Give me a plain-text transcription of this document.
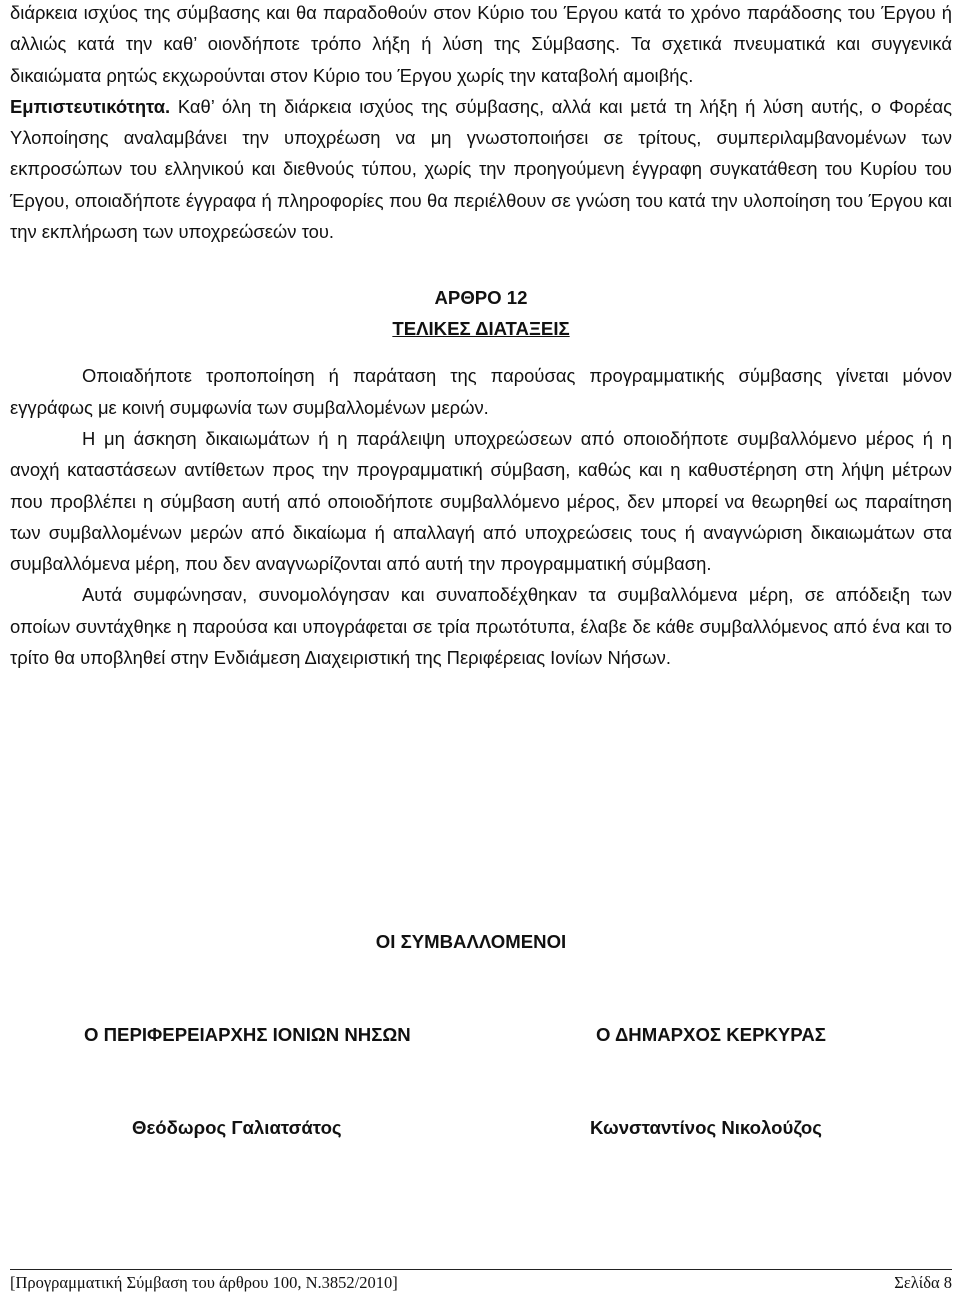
διάρκεια ισχύος της σύμβασης και θα παραδοθούν στον Κύριο του Έργου κατά το χρόνο παράδοσης του Έργου ή αλλιώς κατά την καθ’ οιονδήποτε τρόπο λήξη ή λύση της Σύμβασης. Τα σχετικά πνευματικά και συγγενικά δικαιώματα ρητώς εκχωρούνται στον Κύριο του Έργου χωρίς την καταβολή αμοιβής.

Εμπιστευτικότητα. Καθ’ όλη τη διάρκεια ισχύος της σύμβασης, αλλά και μετά τη λήξη ή λύση αυτής, ο Φορέας Υλοποίησης αναλαμβάνει την υποχρέωση να μη γνωστοποιήσει σε τρίτους, συμπεριλαμβανομένων των εκπροσώπων του ελληνικού και διεθνούς τύπου, χωρίς την προηγούμενη έγγραφη συγκατάθεση του Κυρίου του Έργου, οποιαδήποτε έγγραφα ή πληροφορίες που θα περιέλθουν σε γνώση του κατά την υλοποίηση του Έργου και την εκπλήρωση των υποχρεώσεών του.

ΑΡΘΡΟ 12

ΤΕΛΙΚΕΣ ΔΙΑΤΑΞΕΙΣ

Οποιαδήποτε τροποποίηση ή παράταση της παρούσας προγραμματικής σύμβασης γίνεται μόνον εγγράφως με κοινή συμφωνία των συμβαλλομένων μερών.

Η μη άσκηση δικαιωμάτων ή η παράλειψη υποχρεώσεων από οποιοδήποτε συμβαλλόμενο μέρος ή η ανοχή καταστάσεων αντίθετων προς την προγραμματική σύμβαση, καθώς και η καθυστέρηση στη λήψη μέτρων που προβλέπει η σύμβαση αυτή από οποιοδήποτε συμβαλλόμενο μέρος, δεν μπορεί να θεωρηθεί ως παραίτηση των συμβαλλομένων μερών από δικαίωμα ή απαλλαγή από υποχρεώσεις τους ή αναγνώριση δικαιωμάτων στα συμβαλλόμενα μέρη, που δεν αναγνωρίζονται από αυτή την προγραμματική σύμβαση.

Αυτά συμφώνησαν, συνομολόγησαν και συναποδέχθηκαν τα συμβαλλόμενα μέρη, σε απόδειξη των οποίων συντάχθηκε η παρούσα και υπογράφεται σε τρία πρωτότυπα, έλαβε δε κάθε συμβαλλόμενος από ένα και το τρίτο θα υποβληθεί στην Ενδιάμεση Διαχειριστική της Περιφέρειας Ιονίων Νήσων.

ΟΙ ΣΥΜΒΑΛΛΟΜΕΝΟΙ
Ο ΠΕΡΙΦΕΡΕΙΑΡΧΗΣ ΙΟΝΙΩΝ ΝΗΣΩΝ	Ο ΔΗΜΑΡΧΟΣ ΚΕΡΚΥΡΑΣ
Θεόδωρος Γαλιατσάτος	Κωνσταντίνος Νικολούζος
[Προγραμματική Σύμβαση του άρθρου 100, Ν.3852/2010]	Σελίδα 8
